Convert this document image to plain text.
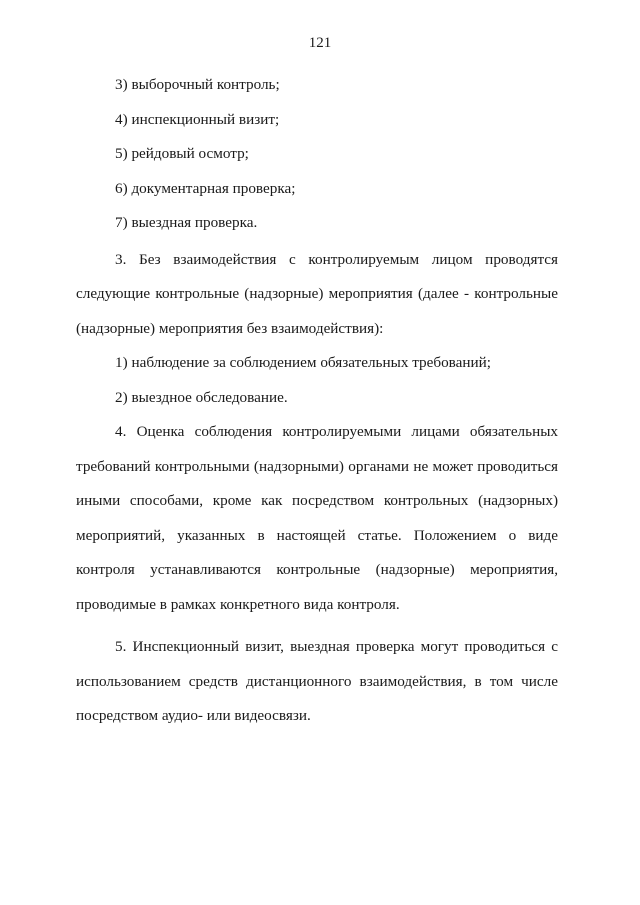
121
3) выборочный контроль;
4) инспекционный визит;
5) рейдовый осмотр;
6) документарная проверка;
7) выездная проверка.
3. Без взаимодействия с контролируемым лицом проводятся
следующие контрольные (надзорные) мероприятия (далее - контрольные
(надзорные) мероприятия без взаимодействия):
1) наблюдение за соблюдением обязательных требований;
2) выездное обследование.
4. Оценка соблюдения контролируемыми лицами обязательных
требований контрольными (надзорными) органами не может проводиться
иными способами, кроме как посредством контрольных (надзорных)
мероприятий, указанных в настоящей статье. Положением о виде
контроля устанавливаются контрольные (надзорные) мероприятия,
проводимые в рамках конкретного вида контроля.
5. Инспекционный визит, выездная проверка могут проводиться с
использованием средств дистанционного взаимодействия, в том числе
посредством аудио- или видеосвязи.
